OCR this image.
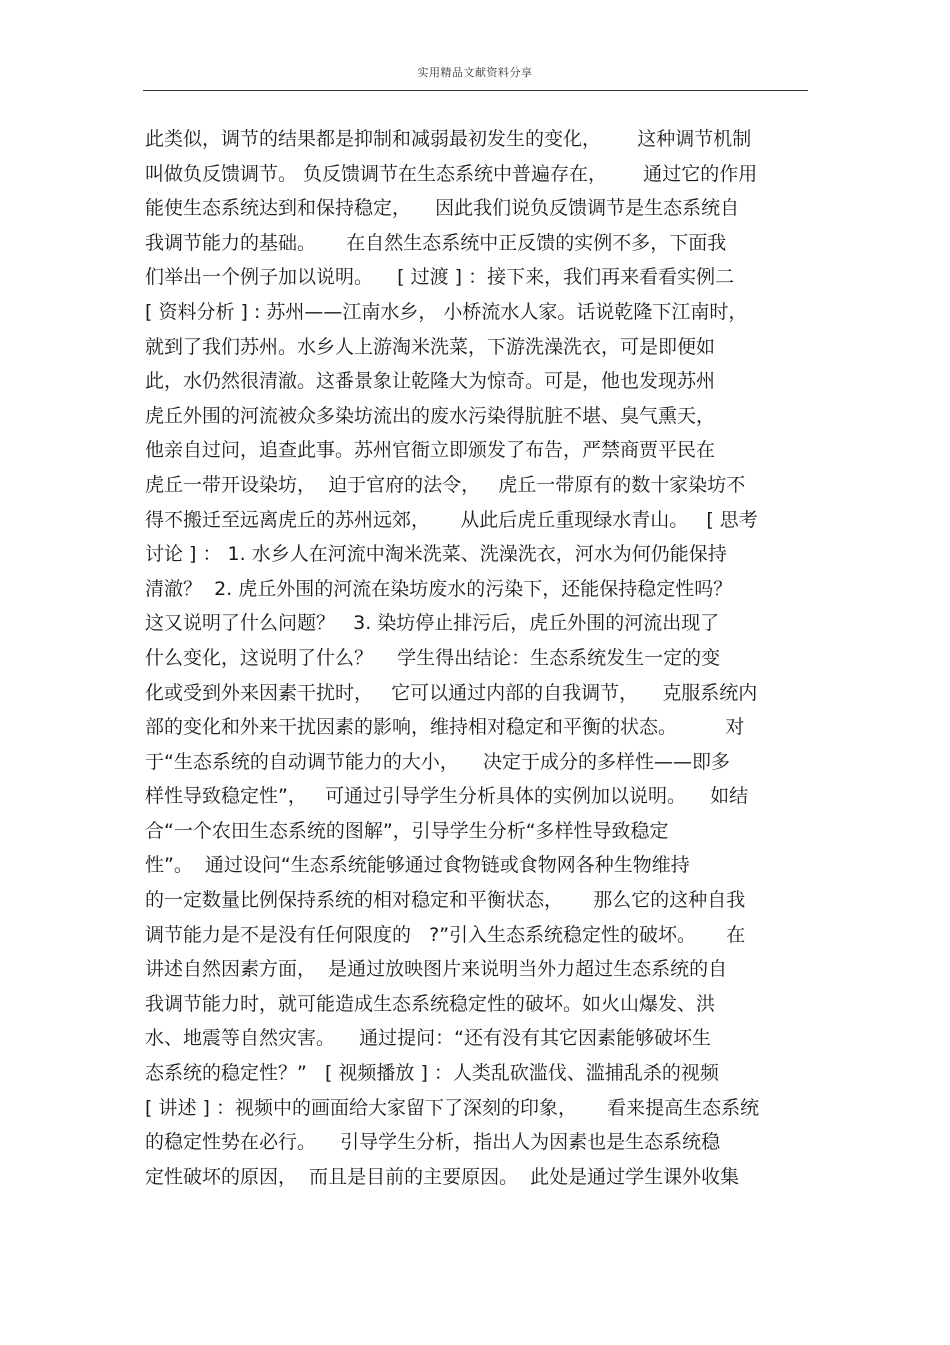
实用精品文献资料分享
此类似，调节的结果都是抑制和减弱最初发生的变化，      这种调节机制
叫做负反馈调节。 负反馈调节在生态系统中普遍存在，      通过它的作用
能使生态系统达到和保持稳定，    因此我们说负反馈调节是生态系统自
我调节能力的基础。     在自然生态系统中正反馈的实例不多，下面我
们举出一个例子加以说明。    [ 过渡 ] ：接下来，我们再来看看实例二
[ 资料分析 ] : 苏州——江南水乡， 小桥流水人家。话说乾隆下江南时，
就到了我们苏州。水乡人上游淘米洗菜，下游洗澡洗衣，可是即便如
此，水仍然很清澈。这番景象让乾隆大为惊奇。可是，他也发现苏州
虎丘外围的河流被众多染坊流出的废水污染得肮脏不堪、臭气熏天，
他亲自过问，追查此事。苏州官衙立即颁发了布告，严禁商贾平民在
虎丘一带开设染坊，  迫于官府的法令，   虎丘一带原有的数十家染坊不
得不搬迁至远离虎丘的苏州远郊，     从此后虎丘重现绿水青山。   [ 思考
讨论 ] ： 1. 水乡人在河流中淘米洗菜、洗澡洗衣，河水为何仍能保持
清澈？  2. 虎丘外围的河流在染坊废水的污染下，还能保持稳定性吗？
这又说明了什么问题？   3. 染坊停止排污后，虎丘外围的河流出现了
什么变化，这说明了什么？    学生得出结论：生态系统发生一定的变
化或受到外来因素干扰时，   它可以通过内部的自我调节，    克服系统内
部的变化和外来干扰因素的影响，维持相对稳定和平衡的状态。        对
于“生态系统的自动调节能力的大小，    决定于成分的多样性——即多
样性导致稳定性”，   可通过引导学生分析具体的实例加以说明。    如结
合“一个农田生态系统的图解”，引导学生分析“多样性导致稳定
性”。  通过设问“生态系统能够通过食物链或食物网各种生物维持
的一定数量比例保持系统的相对稳定和平衡状态，     那么它的这种自我
调节能力是不是没有任何限度的   ?”引入生态系统稳定性的破坏。     在
讲述自然因素方面，  是通过放映图片来说明当外力超过生态系统的自
我调节能力时，就可能造成生态系统稳定性的破坏。如火山爆发、洪
水、地震等自然灾害。    通过提问：“还有没有其它因素能够破坏生
态系统的稳定性？”   [ 视频播放 ] ：人类乱砍滥伐、滥捕乱杀的视频
[ 讲述 ] ：视频中的画面给大家留下了深刻的印象，     看来提高生态系统
的稳定性势在必行。    引导学生分析，指出人为因素也是生态系统稳
定性破坏的原因，  而且是目前的主要原因。  此处是通过学生课外收集
